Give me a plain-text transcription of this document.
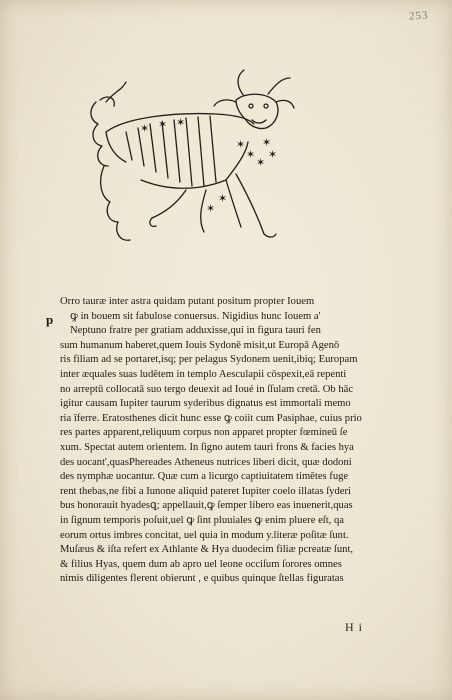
253
✶ ✶ ✶
✶
✶
✶
✶
✶
✶
✶
p
Orro tauræ inter astra quidam putant positum propter Iouem
ꝙ in bouem sit fabulose conuersus. Nigidius hunc Iouem a'
Neptuno fratre per gratiam adduxisse,qui in figura tauri fen
sum humanum haberet,quem Iouis Sydonē misit,ut Europā Agenō
ris filiam ad se portaret,isq; per pelagus Sydonem uenit,ibiq; Europam
inter æquales suas ludētem in templo Aesculapii cōspexit,eā repenti
no arreptū collocatā suo tergo deuexit ad Ioué in ſſulam cretā. Ob hāc
igitur causam Iupiter taurum syderibus dignatus est immortali memo
ria īferre. Eratosthenes dicit hunc esse ꝙ coiit cum Pasiphae, cuius prio
res partes apparent,reliquum corpus non apparet propter fœmineū ſe
xum. Spectat autem orientem. In ſigno autem tauri frons & facies hya
des uocant',quasPhereades Atheneus nutrices liberi dicit, quæ dodoni
des nymphæ uocantur. Quæ cum a licurgo captiuitatem timētes fuge
rent thebas,ne fibi a Iunone aliquid pateret Iupiter coelo illatas ſyderi
bus honorauit hyadesꝗ; appellauit,ꝙ ſemper libero eas inuenerit,quas
in ſignum temporis poſuit,uel ꝙ ſint pluuiales ꝙ enim pluere eſt, qa
eorum ortus imbres concitat, uel quia in modum y.literæ poſitæ ſunt.
Muſæus & iſta refert ex Athlante & Hya duodecim filiæ pcreatæ ſunt,
& filius Hyas, quem dum ab apro uel leone occiſum ſorores omnes
nimis diligentes flerent obierunt , e quibus quinque ſtellas figuratas
H i
